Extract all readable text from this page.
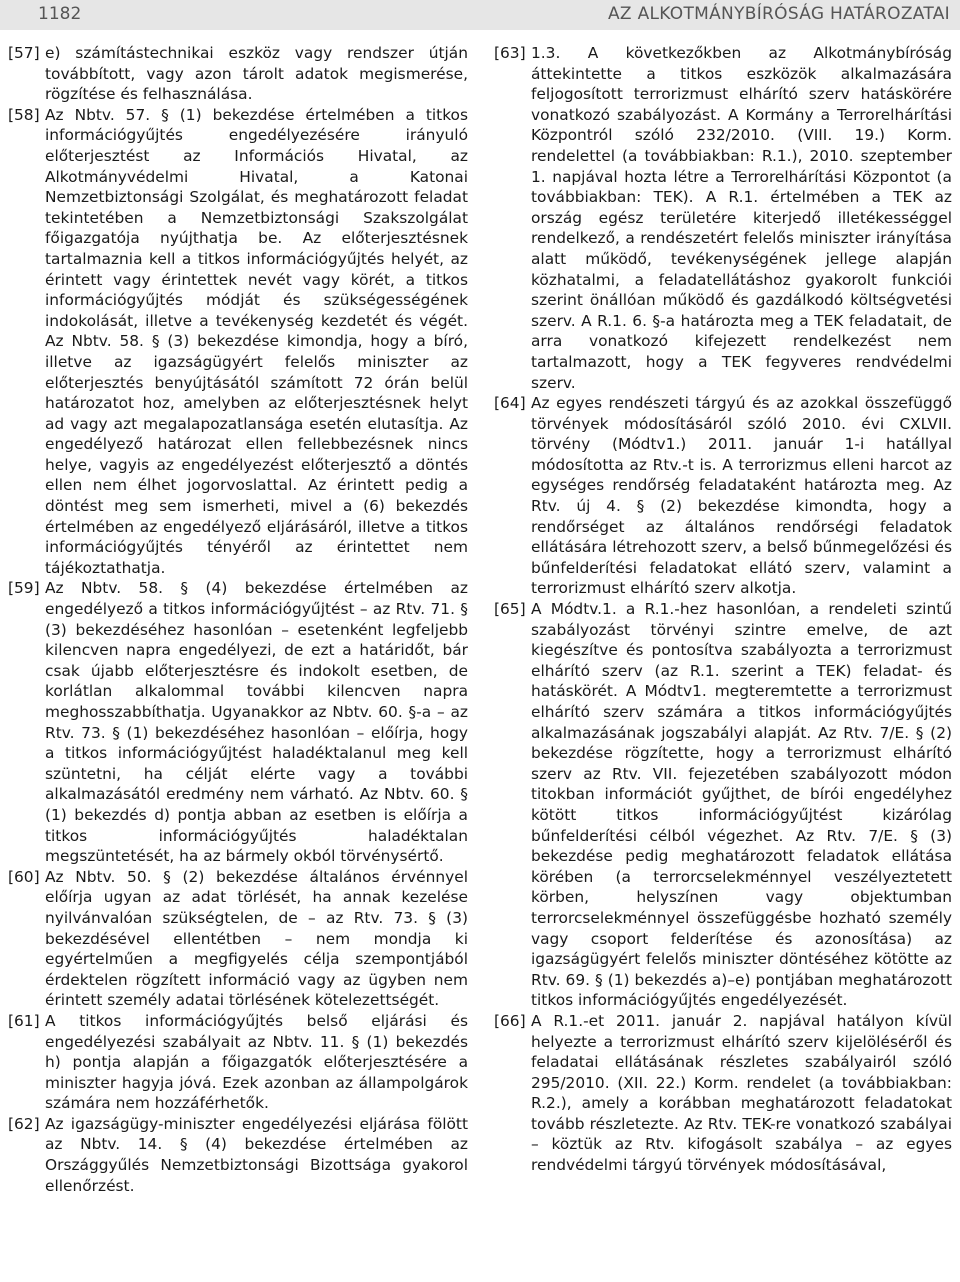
1182	AZ ALKOTMÁNYBÍRÓSÁG HATÁROZATAI

[57] e) számítástechnikai eszköz vagy rendszer útján továbbított, vagy azon tárolt adatok megismerése, rögzítése és felhasználása.

[58] Az Nbtv. 57. § (1) bekezdése értelmében a titkos információgyűjtés engedélyezésére irányuló előterjesztést az Információs Hivatal, az Alkotmányvédelmi Hivatal, a Katonai Nemzetbiztonsági Szolgálat, és meghatározott feladat tekintetében a Nemzetbiztonsági Szakszolgálat főigazgatója nyújthatja be. Az előterjesztésnek tartalmaznia kell a titkos információgyűjtés helyét, az érintett vagy érintettek nevét vagy körét, a titkos információgyűjtés módját és szükségességének indokolását, illetve a tevékenység kezdetét és végét. Az Nbtv. 58. § (3) bekezdése kimondja, hogy a bíró, illetve az igazságügyért felelős miniszter az előterjesztés benyújtásától számított 72 órán belül határozatot hoz, amelyben az előterjesztésnek helyt ad vagy azt megalapozatlansága esetén elutasítja. Az engedélyező határozat ellen fellebbezésnek nincs helye, vagyis az engedélyezést előterjesztő a döntés ellen nem élhet jogorvoslattal. Az érintett pedig a döntést meg sem ismerheti, mivel a (6) bekezdés értelmében az engedélyező eljárásáról, illetve a titkos információgyűjtés tényéről az érintettet nem tájékoztathatja.

[59] Az Nbtv. 58. § (4) bekezdése értelmében az engedélyező a titkos információgyűjtést – az Rtv. 71. § (3) bekezdéséhez hasonlóan – esetenként legfeljebb kilencven napra engedélyezi, de ezt a határidőt, bár csak újabb előterjesztésre és indokolt esetben, de korlátlan alkalommal további kilencven napra meghosszabbíthatja. Ugyanakkor az Nbtv. 60. §-a – az Rtv. 73. § (1) bekezdéséhez hasonlóan – előírja, hogy a titkos információgyűjtést haladéktalanul meg kell szüntetni, ha célját elérte vagy a további alkalmazásától eredmény nem várható. Az Nbtv. 60. § (1) bekezdés d) pontja abban az esetben is előírja a titkos információgyűjtés haladéktalan megszüntetését, ha az bármely okból törvénysértő.

[60] Az Nbtv. 50. § (2) bekezdése általános érvénnyel előírja ugyan az adat törlését, ha annak kezelése nyilvánvalóan szükségtelen, de – az Rtv. 73. § (3) bekezdésével ellentétben – nem mondja ki egyértelműen a megfigyelés célja szempontjából érdektelen rögzített információ vagy az ügyben nem érintett személy adatai törlésének kötelezettségét.

[61] A titkos információgyűjtés belső eljárási és engedélyezési szabályait az Nbtv. 11. § (1) bekezdés h) pontja alapján a főigazgatók előterjesztésére a miniszter hagyja jóvá. Ezek azonban az állampolgárok számára nem hozzáférhetők.

[62] Az igazságügy-miniszter engedélyezési eljárása fölött az Nbtv. 14. § (4) bekezdése értelmében az Országgyűlés Nemzetbiztonsági Bizottsága gyakorol ellenőrzést.

[63] 1.3. A következőkben az Alkotmánybíróság áttekintette a titkos eszközök alkalmazására feljogosított terrorizmust elhárító szerv hatáskörére vonatkozó szabályozást. A Kormány a Terrorelhárítási Központról szóló 232/2010. (VIII. 19.) Korm. rendelettel (a továbbiakban: R.1.), 2010. szeptember 1. napjával hozta létre a Terrorelhárítási Központot (a továbbiakban: TEK). A R.1. értelmében a TEK az ország egész területére kiterjedő illetékességgel rendelkező, a rendészetért felelős miniszter irányítása alatt működő, tevékenységének jellege alapján közhatalmi, a feladatellátáshoz gyakorolt funkciói szerint önállóan működő és gazdálkodó költségvetési szerv. A R.1. 6. §-a határozta meg a TEK feladatait, de arra vonatkozó kifejezett rendelkezést nem tartalmazott, hogy a TEK fegyveres rendvédelmi szerv.

[64] Az egyes rendészeti tárgyú és az azokkal összefüggő törvények módosításáról szóló 2010. évi CXLVII. törvény (Módtv1.) 2011. január 1-i hatállyal módosította az Rtv.-t is. A terrorizmus elleni harcot az egységes rendőrség feladataként határozta meg. Az Rtv. új 4. § (2) bekezdése kimondta, hogy a rendőrséget az általános rendőrségi feladatok ellátására létrehozott szerv, a belső bűnmegelőzési és bűnfelderítési feladatokat ellátó szerv, valamint a terrorizmust elhárító szerv alkotja.

[65] A Módtv.1. a R.1.-hez hasonlóan, a rendeleti szintű szabályozást törvényi szintre emelve, de azt kiegészítve és pontosítva szabályozta a terrorizmust elhárító szerv (az R.1. szerint a TEK) feladat- és hatáskörét. A Módtv1. megteremtette a terrorizmust elhárító szerv számára a titkos információgyűjtés alkalmazásának jogszabályi alapját. Az Rtv. 7/E. § (2) bekezdése rögzítette, hogy a terrorizmust elhárító szerv az Rtv. VII. fejezetében szabályozott módon titokban információt gyűjthet, de bírói engedélyhez kötött titkos információgyűjtést kizárólag bűnfelderítési célból végezhet. Az Rtv. 7/E. § (3) bekezdése pedig meghatározott feladatok ellátása körében (a terrorcselekménnyel veszélyeztetett körben, helyszínen vagy objektumban terrorcselekménnyel összefüggésbe hozható személy vagy csoport felderítése és azonosítása) az igazságügyért felelős miniszter döntéséhez kötötte az Rtv. 69. § (1) bekezdés a)–e) pontjában meghatározott titkos információgyűjtés engedélyezését.

[66] A R.1.-et 2011. január 2. napjával hatályon kívül helyezte a terrorizmust elhárító szerv kijelöléséről és feladatai ellátásának részletes szabályairól szóló 295/2010. (XII. 22.) Korm. rendelet (a továbbiakban: R.2.), amely a korábban meghatározott feladatokat tovább részletezte. Az Rtv. TEK-re vonatkozó szabályai – köztük az Rtv. kifogásolt szabálya – az egyes rendvédelmi tárgyú törvények módosításával,
